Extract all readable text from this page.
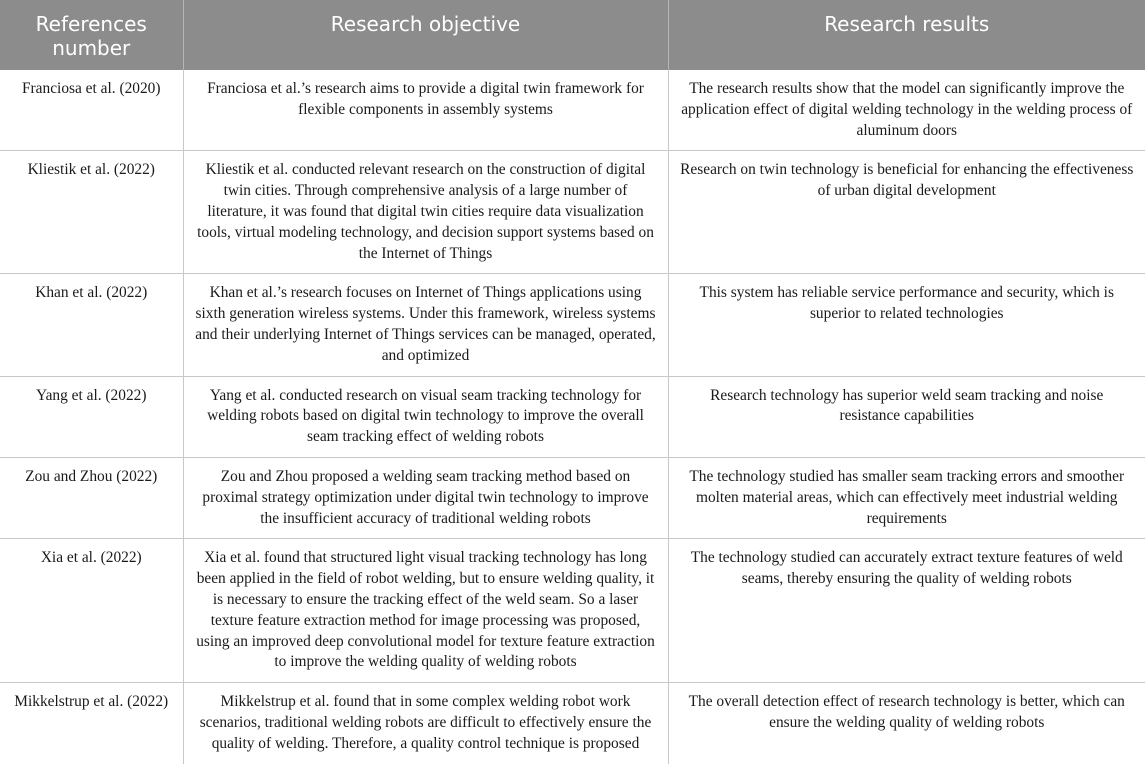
References number	Research objective	Research results
Franciosa et al. (2020)	Franciosa et al.’s research aims to provide a digital twin framework for flexible components in assembly systems	The research results show that the model can significantly improve the application effect of digital welding technology in the welding process of aluminum doors
Kliestik et al. (2022)	Kliestik et al. conducted relevant research on the construction of digital twin cities. Through comprehensive analysis of a large number of literature, it was found that digital twin cities require data visualization tools, virtual modeling technology, and decision support systems based on the Internet of Things	Research on twin technology is beneficial for enhancing the effectiveness of urban digital development
Khan et al. (2022)	Khan et al.’s research focuses on Internet of Things applications using sixth generation wireless systems. Under this framework, wireless systems and their underlying Internet of Things services can be managed, operated, and optimized	This system has reliable service performance and security, which is superior to related technologies
Yang et al. (2022)	Yang et al. conducted research on visual seam tracking technology for welding robots based on digital twin technology to improve the overall seam tracking effect of welding robots	Research technology has superior weld seam tracking and noise resistance capabilities
Zou and Zhou (2022)	Zou and Zhou proposed a welding seam tracking method based on proximal strategy optimization under digital twin technology to improve the insufficient accuracy of traditional welding robots	The technology studied has smaller seam tracking errors and smoother molten material areas, which can effectively meet industrial welding requirements
Xia et al. (2022)	Xia et al. found that structured light visual tracking technology has long been applied in the field of robot welding, but to ensure welding quality, it is necessary to ensure the tracking effect of the weld seam. So a laser texture feature extraction method for image processing was proposed, using an improved deep convolutional model for texture feature extraction to improve the welding quality of welding robots	The technology studied can accurately extract texture features of weld seams, thereby ensuring the quality of welding robots
Mikkelstrup et al. (2022)	Mikkelstrup et al. found that in some complex welding robot work scenarios, traditional welding robots are difficult to effectively ensure the quality of welding. Therefore, a quality control technique is proposed	The overall detection effect of research technology is better, which can ensure the welding quality of welding robots
